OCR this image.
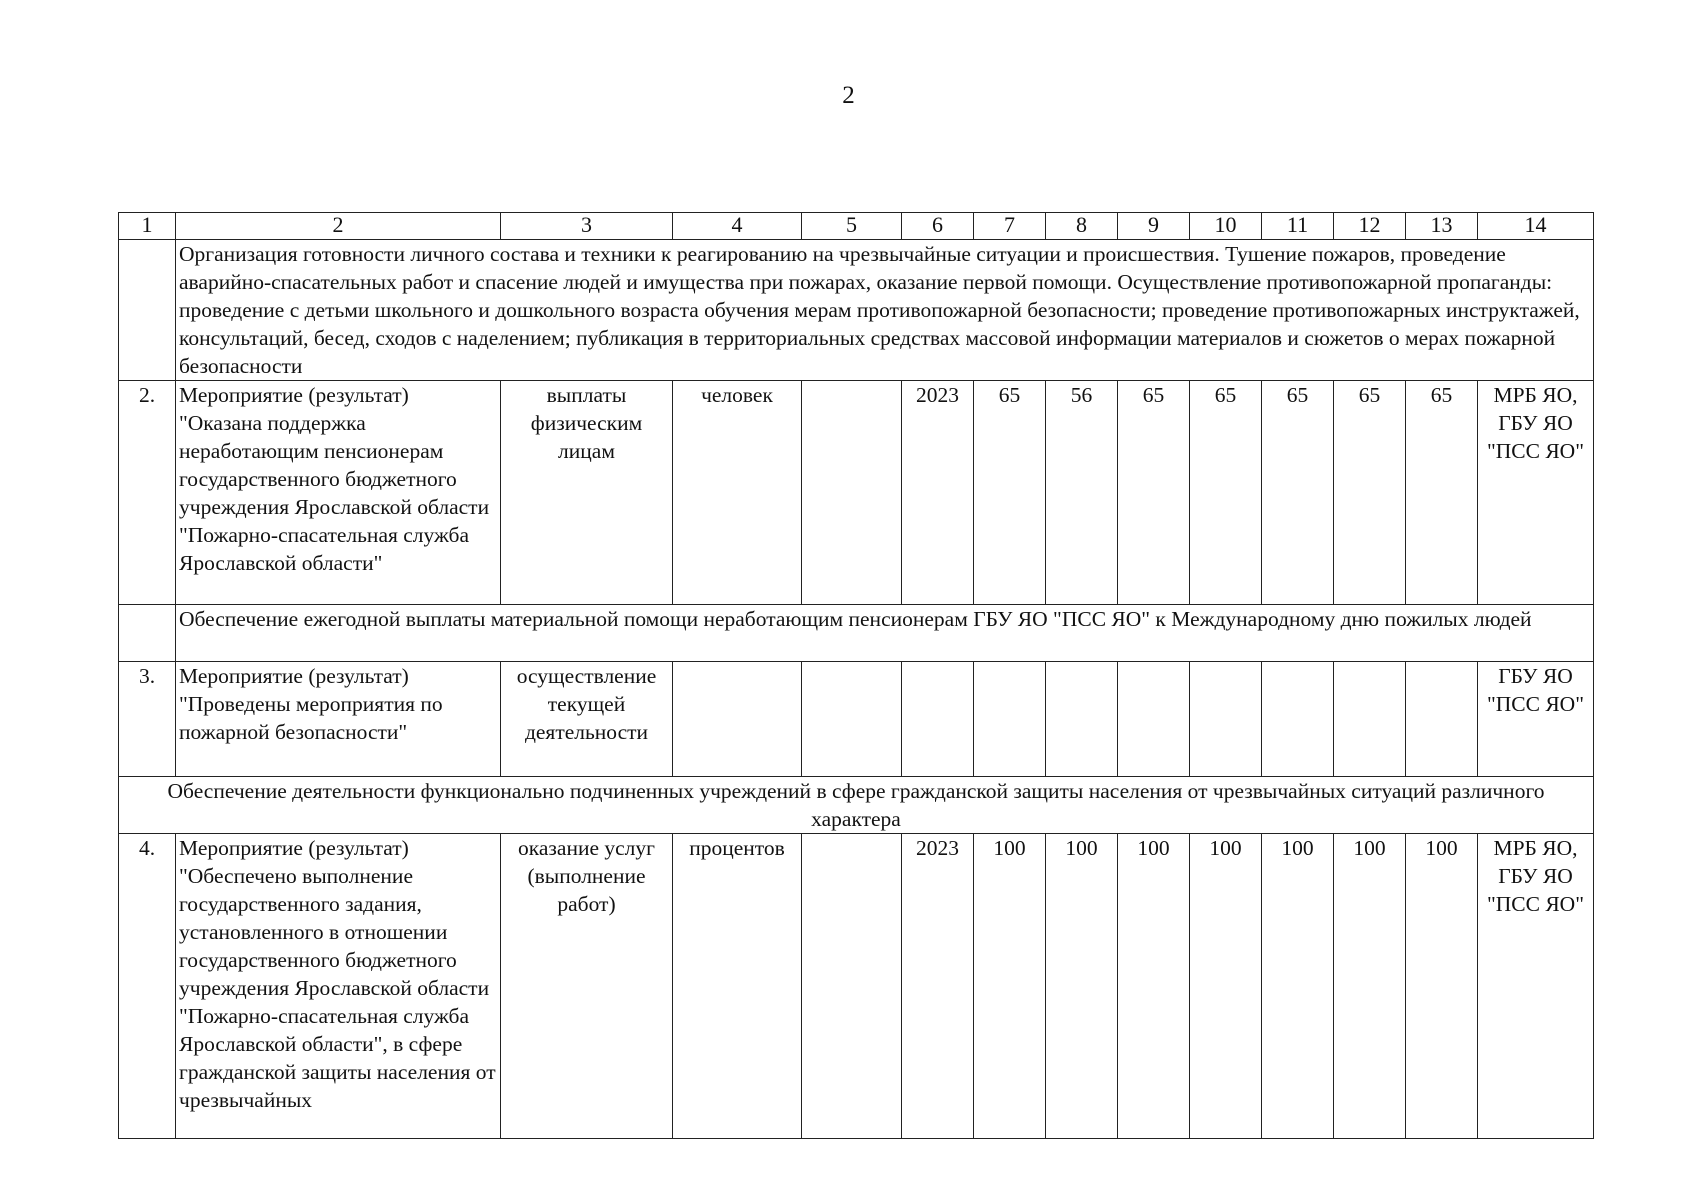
2
1	2	3	4	5	6	7	8	9	10	11	12	13	14
	Организация готовности личного состава и техники к реагированию на чрезвычайные ситуации и происшествия. Тушение пожаров, проведение аварийно-спасательных работ и спасение людей и имущества при пожарах, оказание первой помощи. Осуществление противопожарной пропаганды: проведение с детьми школьного и дошкольного возраста обучения мерам противопожарной безопасности; проведение противопожарных инструктажей, консультаций, бесед, сходов с наделением; публикация в территориальных средствах массовой информации материалов и сюжетов о мерах пожарной безопасности												
2.	Мероприятие (результат) "Оказана поддержка неработающим пенсионерам государственного бюджетного учреждения Ярославской области "Пожарно-спасательная служба Ярославской области"	выплаты физическим лицам	человек		2023	65	56	65	65	65	65	65	МРБ ЯО, ГБУ ЯО "ПСС ЯО"
	Обеспечение ежегодной выплаты материальной помощи неработающим пенсионерам ГБУ ЯО "ПСС ЯО" к Международному дню пожилых людей												
3.	Мероприятие (результат) "Проведены мероприятия по пожарной безопасности"	осуществление текущей деятельности											ГБУ ЯО "ПСС ЯО"
Обеспечение деятельности функционально подчиненных учреждений в сфере гражданской защиты населения от чрезвычайных ситуаций различного характера													
4.	Мероприятие (результат) "Обеспечено выполнение государственного задания, установленного в отношении государственного бюджетного учреждения Ярославской области "Пожарно-спасательная служба Ярославской области", в сфере гражданской защиты населения от чрезвычайных	оказание услуг (выполнение работ)	процентов		2023	100	100	100	100	100	100	100	МРБ ЯО, ГБУ ЯО "ПСС ЯО"
